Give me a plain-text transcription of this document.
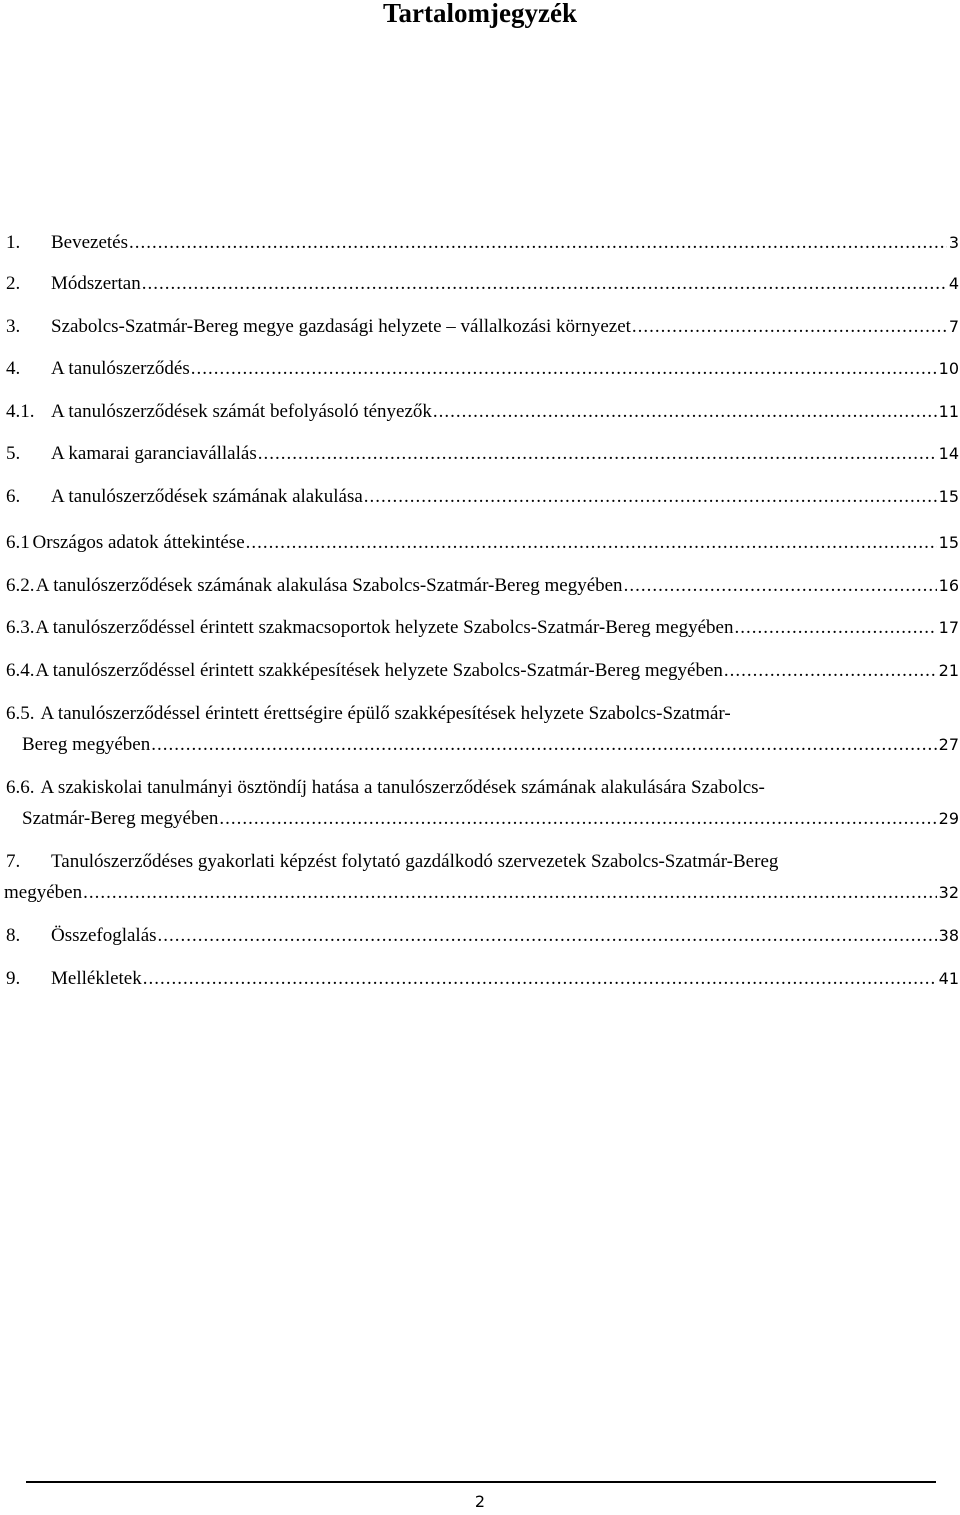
Tartalomjegyzék
1.	Bevezetés .....	3
2.	Módszertan .....	4
3.	Szabolcs-Szatmár-Bereg megye gazdasági helyzete – vállalkozási környezet .....	7
4.	A tanulószerződés .....	10
4.1. A tanulószerződések számát befolyásoló tényezők .....	11
5.	A kamarai garanciavállalás .....	14
6.	A tanulószerződések számának alakulása .....	15
6.1 Országos adatok áttekintése .....	15
6.2. A tanulószerződések számának alakulása Szabolcs-Szatmár-Bereg megyében .....	16
6.3. A tanulószerződéssel érintett szakmacsoportok helyzete Szabolcs-Szatmár-Bereg megyében .....	17
6.4. A tanulószerződéssel érintett szakképesítések helyzete Szabolcs-Szatmár-Bereg megyében .....	21
6.5. A tanulószerződéssel érintett érettségire épülő szakképesítések helyzete Szabolcs-Szatmár-
Bereg megyében .....	27
6.6. A szakiskolai tanulmányi ösztöndíj hatása a tanulószerződések számának alakulására Szabolcs-
Szatmár-Bereg megyében .....	29
7.	Tanulószerződéses gyakorlati képzést folytató gazdálkodó szervezetek Szabolcs-Szatmár-Bereg
megyében .....	32
8.	Összefoglalás .....	38
9.	Mellékletek .....	41
2
